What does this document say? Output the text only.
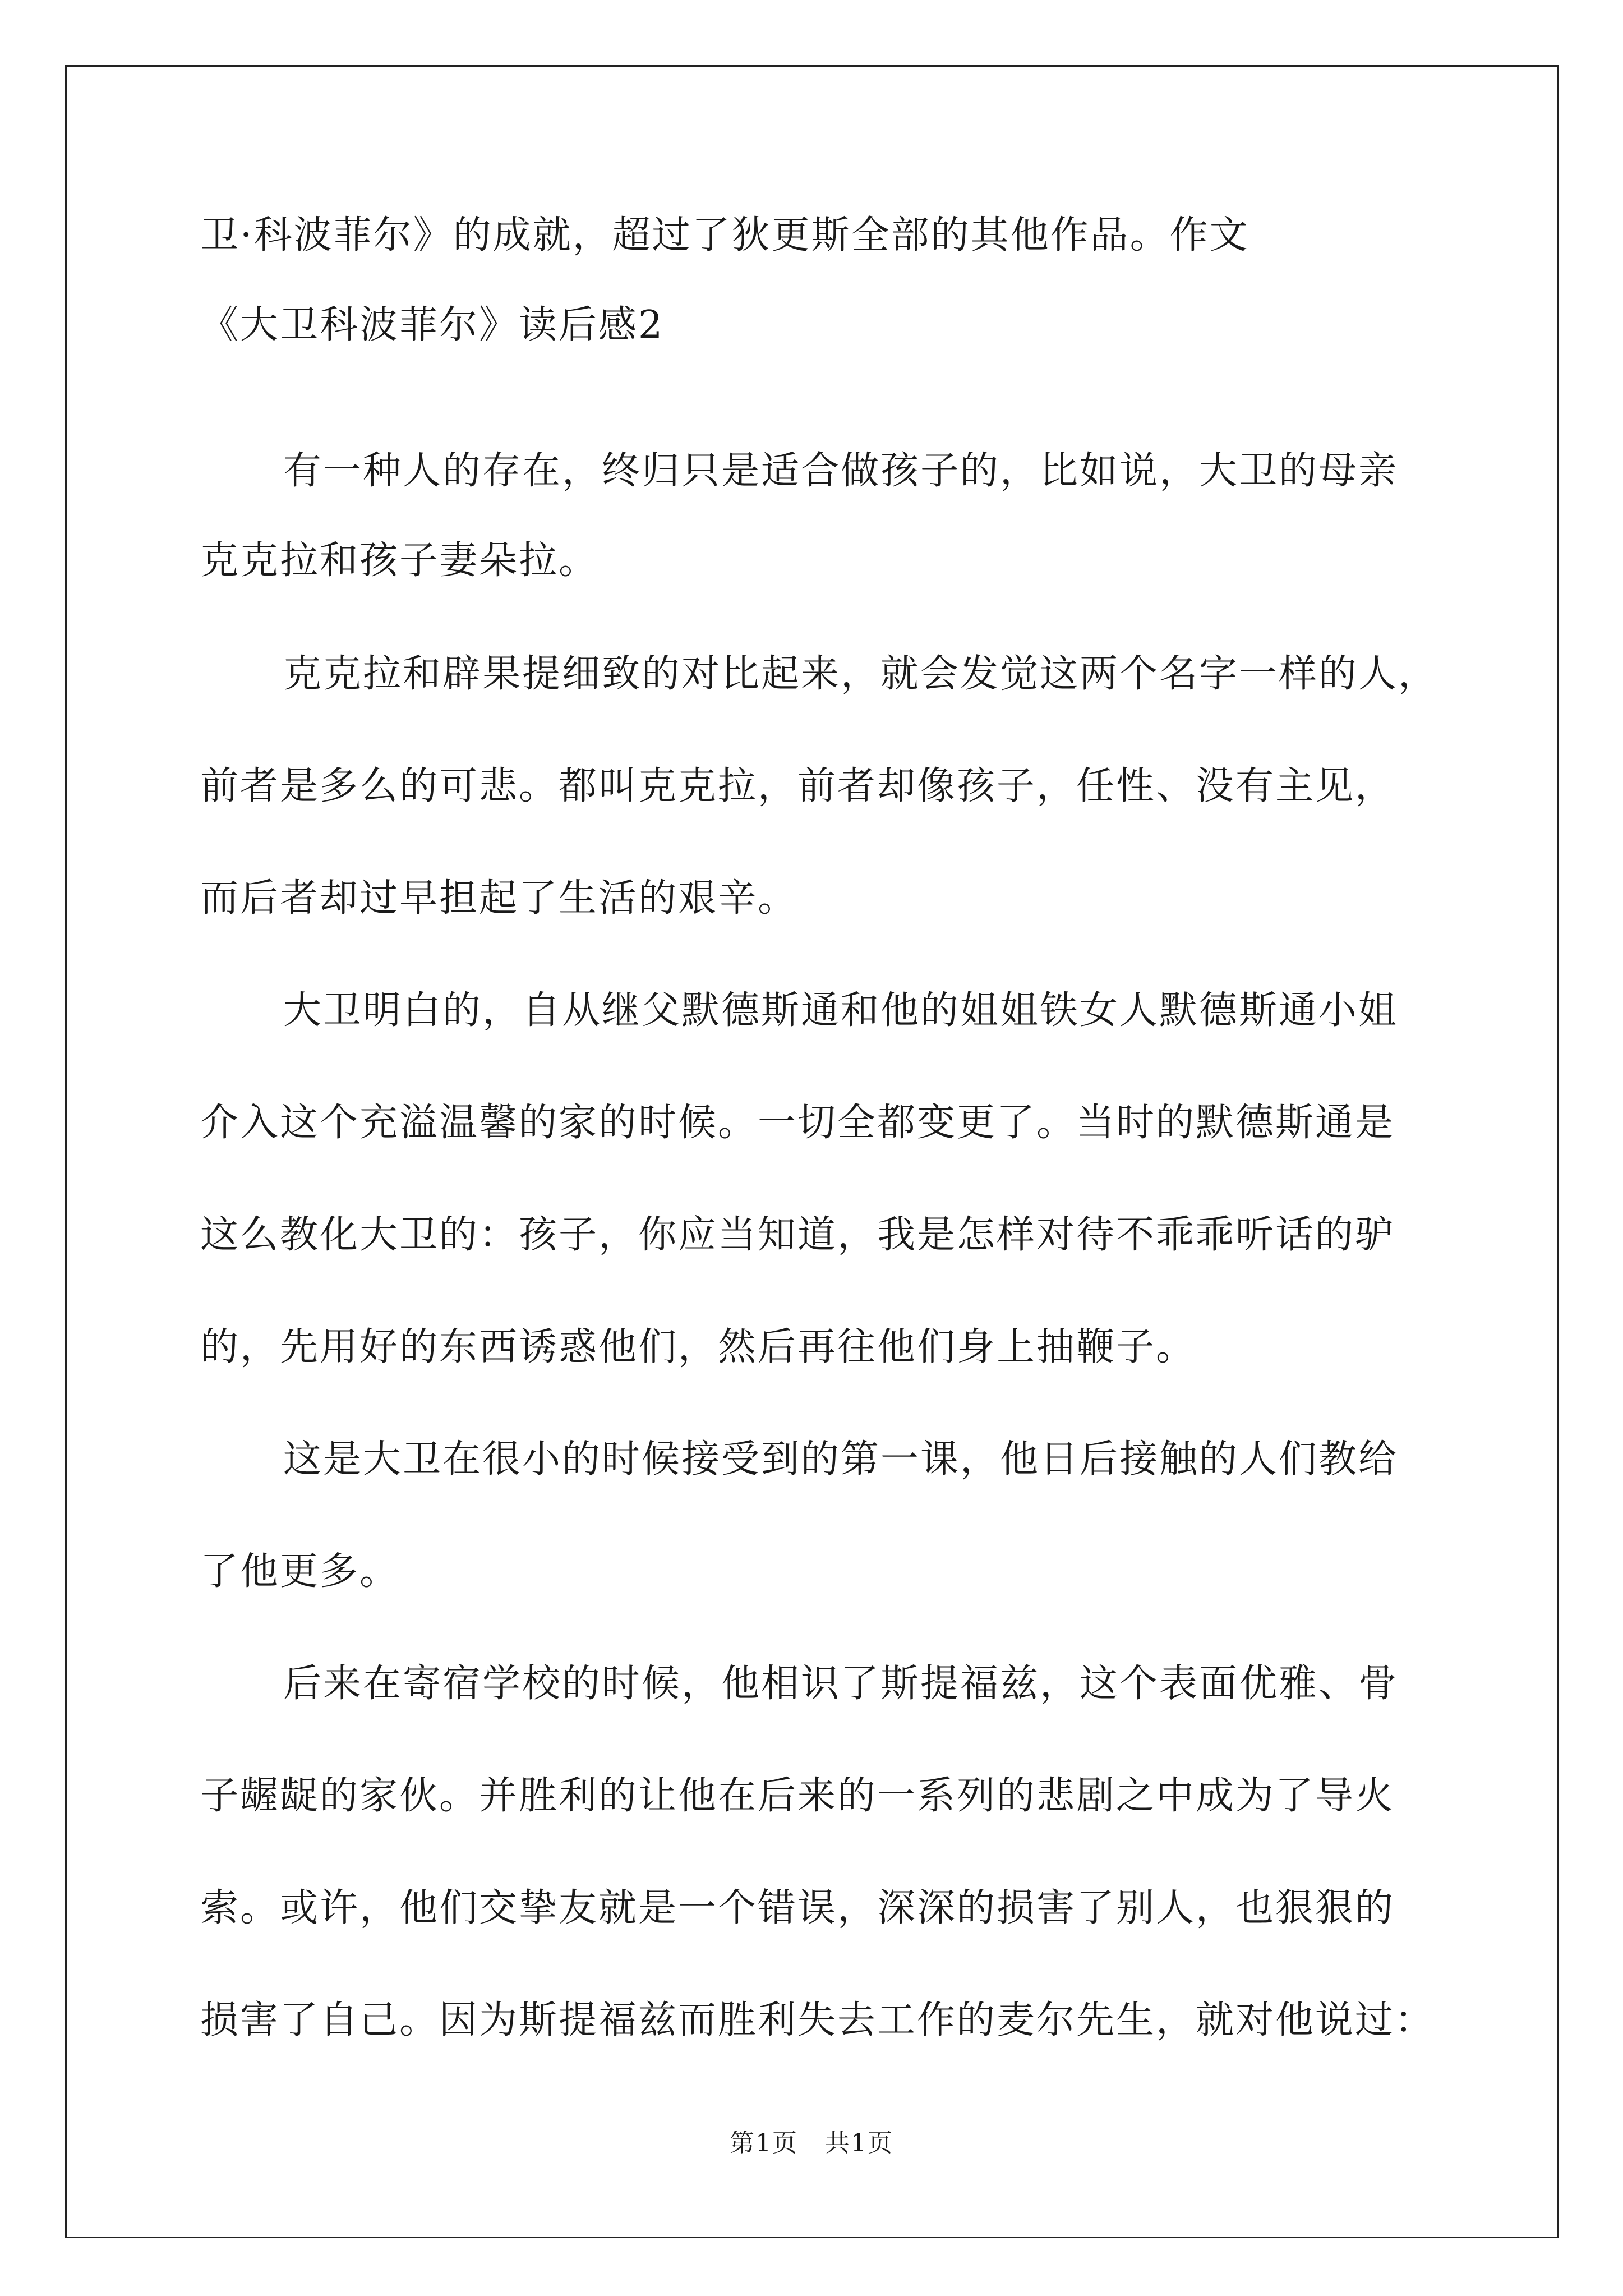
卫·科波菲尔》的成就，超过了狄更斯全部的其他作品。作文
《大卫科波菲尔》读后感2
有一种人的存在，终归只是适合做孩子的，比如说，大卫的母亲
克克拉和孩子妻朵拉。
克克拉和辟果提细致的对比起来，就会发觉这两个名字一样的人，
前者是多么的可悲。都叫克克拉，前者却像孩子，任性、没有主见，
而后者却过早担起了生活的艰辛。
大卫明白的，自从继父默德斯通和他的姐姐铁女人默德斯通小姐
介入这个充溢温馨的家的时候。一切全都变更了。当时的默德斯通是
这么教化大卫的：孩子，你应当知道，我是怎样对待不乖乖听话的驴
的，先用好的东西诱惑他们，然后再往他们身上抽鞭子。
这是大卫在很小的时候接受到的第一课，他日后接触的人们教给
了他更多。
后来在寄宿学校的时候，他相识了斯提福兹，这个表面优雅、骨
子龌龊的家伙。并胜利的让他在后来的一系列的悲剧之中成为了导火
索。或许，他们交挚友就是一个错误，深深的损害了别人，也狠狠的
损害了自己。因为斯提福兹而胜利失去工作的麦尔先生，就对他说过：
第1页 共1页
